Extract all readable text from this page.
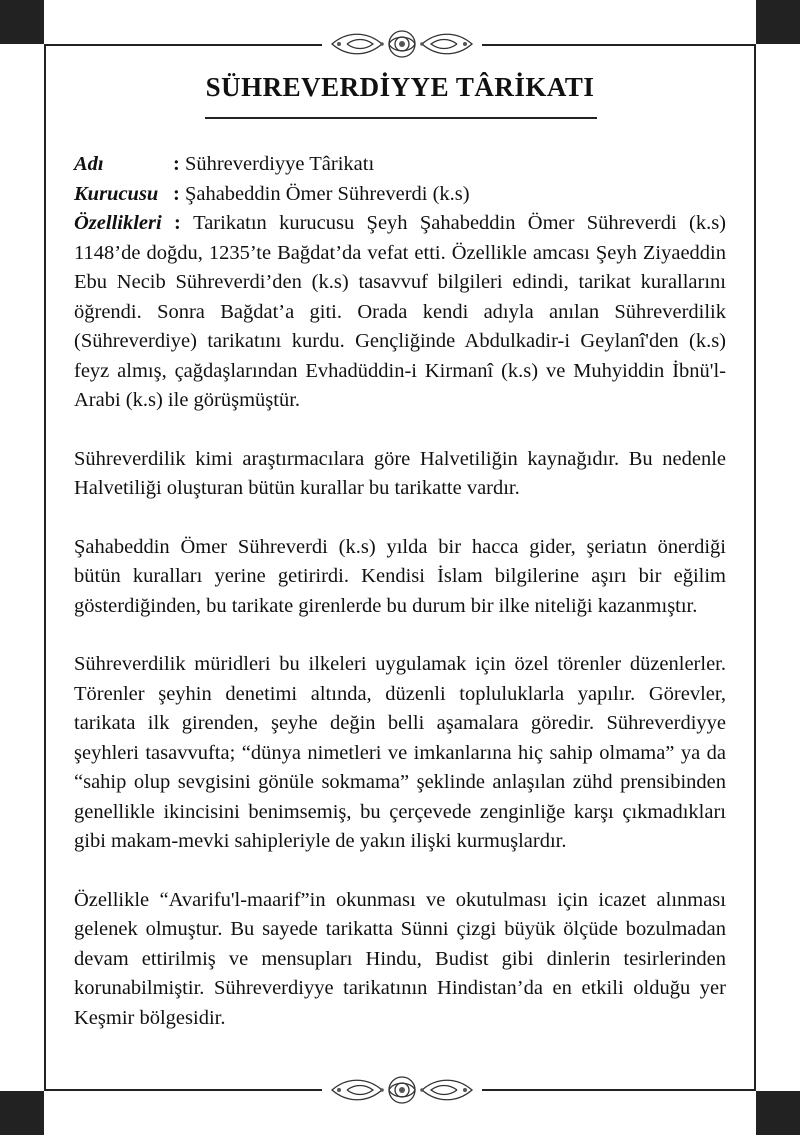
SÜHREVERDİYYE TÂRİKATI
Adı	: Sühreverdiyye Târikatı
Kurucusu : Şahabeddin Ömer Sühreverdi (k.s)

Özellikleri : Tarikatın kurucusu Şeyh Şahabeddin Ömer Sühreverdi (k.s) 1148’de doğdu, 1235’te Bağdat’da vefat etti. Özellikle amcası Şeyh Ziyaeddin Ebu Necib Sühreverdi’den (k.s) tasavvuf bilgileri edindi, tarikat kurallarını öğrendi. Sonra Bağdat’a giti. Orada kendi adıyla anılan Sühreverdilik (Sühreverdiye) tarikatını kurdu. Gençliğinde Abdulkadir-i Geylanî'den (k.s) feyz almış, çağdaşlarından Evhadüddin-i Kirmanî (k.s) ve Muhyiddin İbnü'l-Arabi (k.s) ile görüşmüştür.

Sühreverdilik kimi araştırmacılara göre Halvetiliğin kaynağıdır. Bu nedenle Halvetiliği oluşturan bütün kurallar bu tarikatte vardır.

Şahabeddin Ömer Sühreverdi (k.s) yılda bir hacca gider, şeriatın önerdiği bütün kuralları yerine getirirdi. Kendisi İslam bilgilerine aşırı bir eğilim gösterdiğinden, bu tarikate girenlerde bu durum bir ilke niteliği kazanmıştır.

Sühreverdilik müridleri bu ilkeleri uygulamak için özel törenler düzenlerler. Törenler şeyhin denetimi altında, düzenli topluluklarla yapılır. Görevler, tarikata ilk girenden, şeyhe değin belli aşamalara göredir. Sühreverdiyye şeyhleri tasavvufta; “dünya nimetleri ve imkanlarına hiç sahip olmama” ya da “sahip olup sevgisini gönüle sokmama” şeklinde anlaşılan zühd prensibinden genellikle ikincisini benimsemiş, bu çerçevede zenginliğe karşı çıkmadıkları gibi makam-mevki sahipleriyle de yakın ilişki kurmuşlardır.

Özellikle “Avarifu'l-maarif”in okunması ve okutulması için icazet alınması gelenek olmuştur. Bu sayede tarikatta Sünni çizgi büyük ölçüde bozulmadan devam ettirilmiş ve mensupları Hindu, Budist gibi dinlerin tesirlerinden korunabilmiştir. Sühreverdiyye tarikatının Hindistan’da en etkili olduğu yer Keşmir bölgesidir.
